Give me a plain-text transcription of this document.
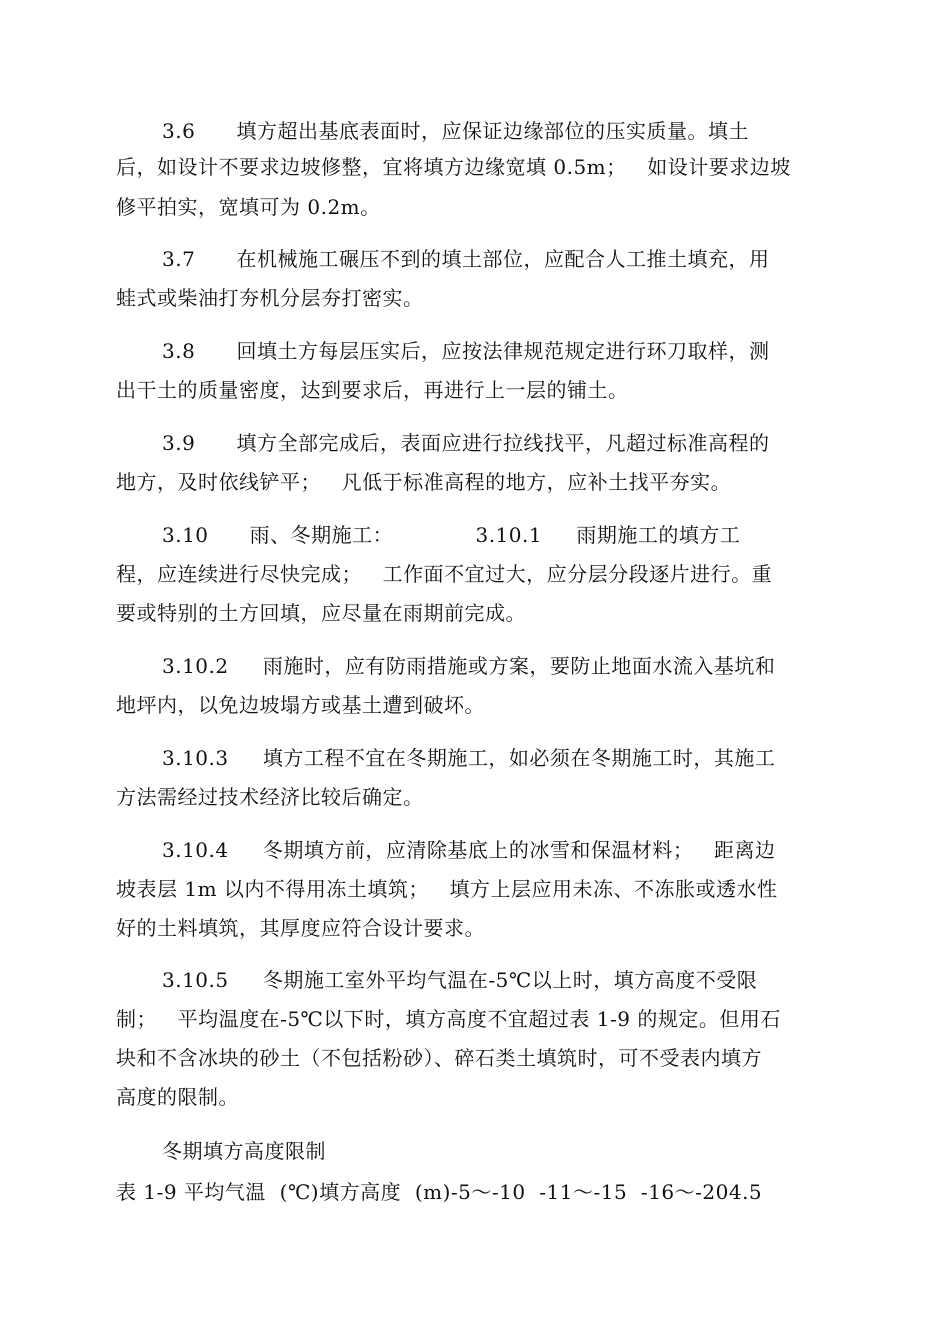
3.6      填方超出基底表面时，应保证边缘部位的压实质量。填土
后，如设计不要求边坡修整，宜将填方边缘宽填 0.5m；   如设计要求边坡
修平拍实，宽填可为 0.2m。
3.7      在机械施工碾压不到的填土部位，应配合人工推土填充，用
蛙式或柴油打夯机分层夯打密实。
3.8      回填土方每层压实后，应按法律规范规定进行环刀取样，测
出干土的质量密度，达到要求后，再进行上一层的铺土。
3.9      填方全部完成后，表面应进行拉线找平，凡超过标准高程的
地方，及时依线铲平；   凡低于标准高程的地方，应补土找平夯实。
3.10      雨、冬期施工：            3.10.1     雨期施工的填方工
程，应连续进行尽快完成；   工作面不宜过大，应分层分段逐片进行。重
要或特别的土方回填，应尽量在雨期前完成。
3.10.2     雨施时，应有防雨措施或方案，要防止地面水流入基坑和
地坪内，以免边坡塌方或基土遭到破坏。
3.10.3     填方工程不宜在冬期施工，如必须在冬期施工时，其施工
方法需经过技术经济比较后确定。
3.10.4     冬期填方前，应清除基底上的冰雪和保温材料；   距离边
坡表层 1m 以内不得用冻土填筑；   填方上层应用未冻、不冻胀或透水性
好的土料填筑，其厚度应符合设计要求。
3.10.5     冬期施工室外平均气温在-5℃以上时，填方高度不受限
制；   平均温度在-5℃以下时，填方高度不宜超过表 1-9 的规定。但用石
块和不含冰块的砂土（不包括粉砂）、碎石类土填筑时，可不受表内填方
高度的限制。
冬期填方高度限制
表 1-9 平均气温  (℃)填方高度  (m)-5～-10  -11～-15  -16～-204.5
